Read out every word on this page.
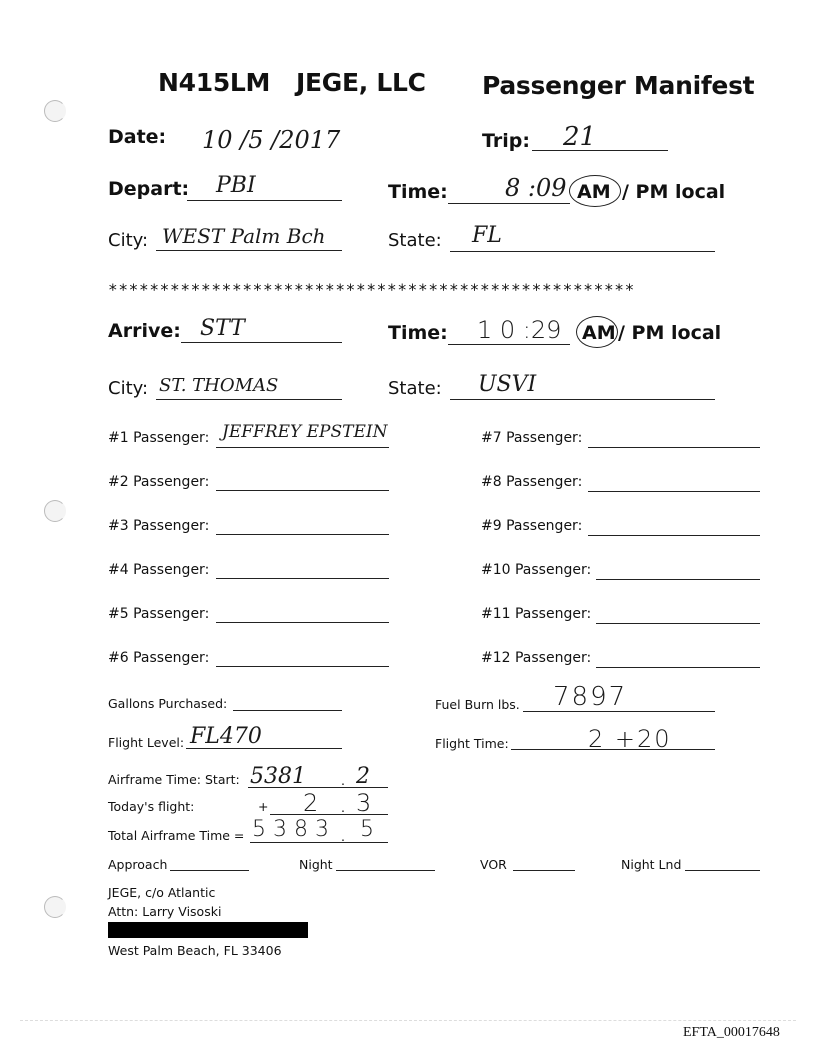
N415LM JEGE, LLC Passenger Manifest
Date: 10 /5 /2017	Trip: 21
Depart: PBI	Time: 8 :09 AM / PM local
City: WEST Palm Bch	State: FL
***************************************************
Arrive: STT	Time: 1 0 :29 AM / PM local
City: ST. THOMAS	State: USVI
#1 Passenger: JEFFREY EPSTEIN
#2 Passenger:
#3 Passenger:
#4 Passenger:
#5 Passenger:
#6 Passenger:
#7 Passenger:
#8 Passenger:
#9 Passenger:
#10 Passenger:
#11 Passenger:
#12 Passenger:
Gallons Purchased:	Fuel Burn lbs. 7897
Flight Level: FL470	Flight Time:	2 +20
Airframe Time: Start: 5381	. 2
Today's flight:	+ 2 . 3
Total Airframe Time = 5 3 8 3 . 5
Approach	Night	VOR	Night Lnd
JEGE, c/o Atlantic
Attn: Larry Visoski
West Palm Beach, FL 33406
EFTA_00017648
